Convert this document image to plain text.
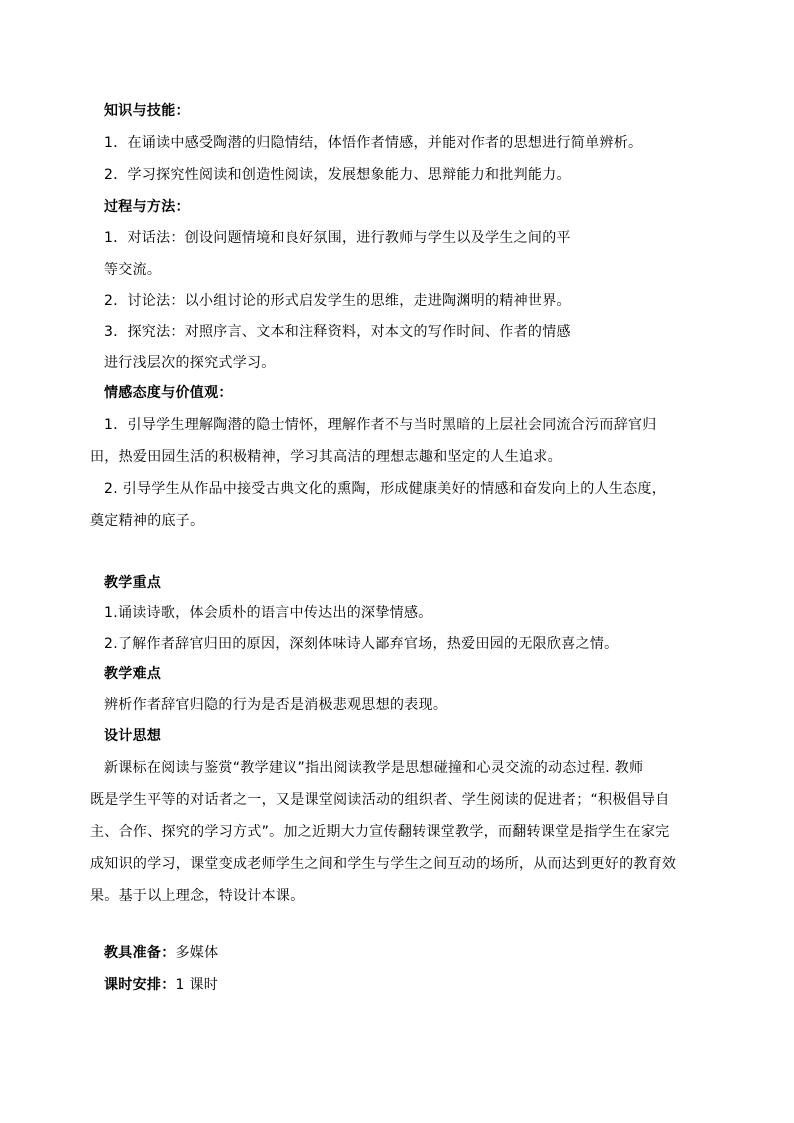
知识与技能：
1．在诵读中感受陶潜的归隐情结，体悟作者情感，并能对作者的思想进行简单辨析。
2．学习探究性阅读和创造性阅读，发展想象能力、思辩能力和批判能力。
过程与方法：
1．对话法：创设问题情境和良好氛围，进行教师与学生以及学生之间的平
等交流。
2．讨论法：以小组讨论的形式启发学生的思维，走进陶渊明的精神世界。
3．探究法：对照序言、文本和注释资料，对本文的写作时间、作者的情感
进行浅层次的探究式学习。
情感态度与价值观：
1．引导学生理解陶潜的隐士情怀，理解作者不与当时黑暗的上层社会同流合污而辞官归
田，热爱田园生活的积极精神，学习其高洁的理想志趣和坚定的人生追求。
2. 引导学生从作品中接受古典文化的熏陶，形成健康美好的情感和奋发向上的人生态度，
奠定精神的底子。
教学重点
1.诵读诗歌，体会质朴的语言中传达出的深挚情感。
2.了解作者辞官归田的原因，深刻体味诗人鄙弃官场，热爱田园的无限欣喜之情。
教学难点
辨析作者辞官归隐的行为是否是消极悲观思想的表现。
设计思想
新课标在阅读与鉴赏“教学建议”指出阅读教学是思想碰撞和心灵交流的动态过程. 教师
既是学生平等的对话者之一，又是课堂阅读活动的组织者、学生阅读的促进者；“积极倡导自
主、合作、探究的学习方式”。加之近期大力宣传翻转课堂教学，而翻转课堂是指学生在家完
成知识的学习，课堂变成老师学生之间和学生与学生之间互动的场所，从而达到更好的教育效
果。基于以上理念，特设计本课。
教具准备：多媒体
课时安排：1 课时
